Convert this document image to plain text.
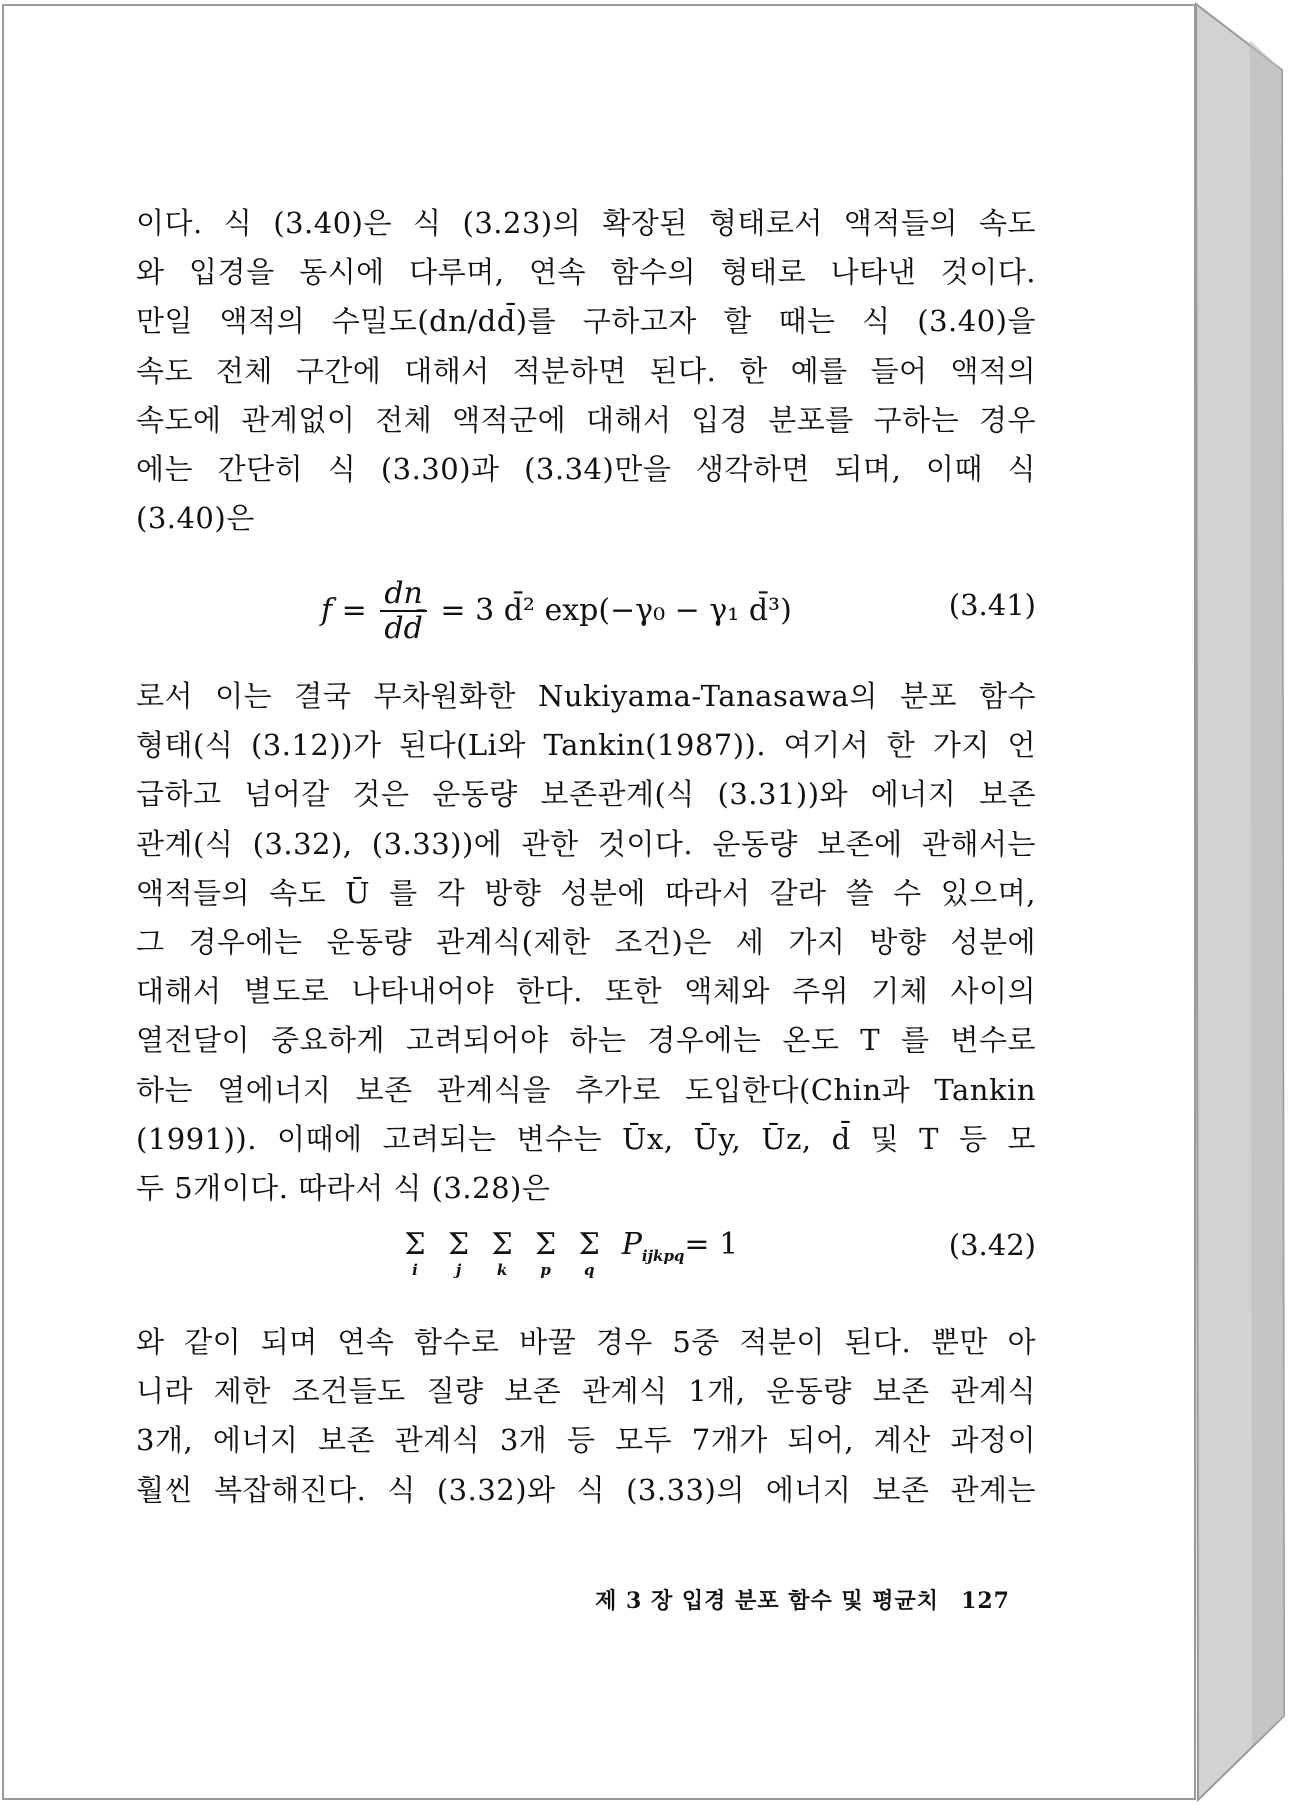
이다. 식 (3.40)은 식 (3.23)의 확장된 형태로서 액적들의 속도
와 입경을 동시에 다루며, 연속 함수의 형태로 나타낸 것이다.
만일 액적의 수밀도(dn/dd̄)를 구하고자 할 때는 식 (3.40)을
속도 전체 구간에 대해서 적분하면 된다. 한 예를 들어 액적의
속도에 관계없이 전체 액적군에 대해서 입경 분포를 구하는 경우
에는 간단히 식 (3.30)과 (3.34)만을 생각하면 되며, 이때 식
(3.40)은
$f = \frac{dn}{dd̄} = 3$ d̄² exp(−γ₀ − γ₁ d̄³)	(3.41)
로서 이는 결국 무차원화한 Nukiyama-Tanasawa의 분포 함수
형태(식 (3.12))가 된다(Li와 Tankin(1987)). 여기서 한 가지 언
급하고 넘어갈 것은 운동량 보존관계(식 (3.31))와 에너지 보존
관계(식 (3.32), (3.33))에 관한 것이다. 운동량 보존에 관해서는
액적들의 속도 Ū 를 각 방향 성분에 따라서 갈라 쓸 수 있으며,
그 경우에는 운동량 관계식(제한 조건)은 세 가지 방향 성분에
대해서 별도로 나타내어야 한다. 또한 액체와 주위 기체 사이의
열전달이 중요하게 고려되어야 하는 경우에는 온도 T 를 변수로
하는 열에너지 보존 관계식을 추가로 도입한다(Chin과 Tankin
(1991)). 이때에 고려되는 변수는 Ūx, Ūy, Ūz, d̄ 및 T 등 모
두 5개이다. 따라서 식 (3.28)은
Σ
i

Σ
j

Σ
k

Σ
p

Σ
q
$P_{ijkpq}= 1$	(3.42)
와 같이 되며 연속 함수로 바꿀 경우 5중 적분이 된다. 뿐만 아
니라 제한 조건들도 질량 보존 관계식 1개, 운동량 보존 관계식
3개, 에너지 보존 관계식 3개 등 모두 7개가 되어, 계산 과정이
훨씬 복잡해진다. 식 (3.32)와 식 (3.33)의 에너지 보존 관계는
제 3 장 입경 분포 함수 및 평균치 127
